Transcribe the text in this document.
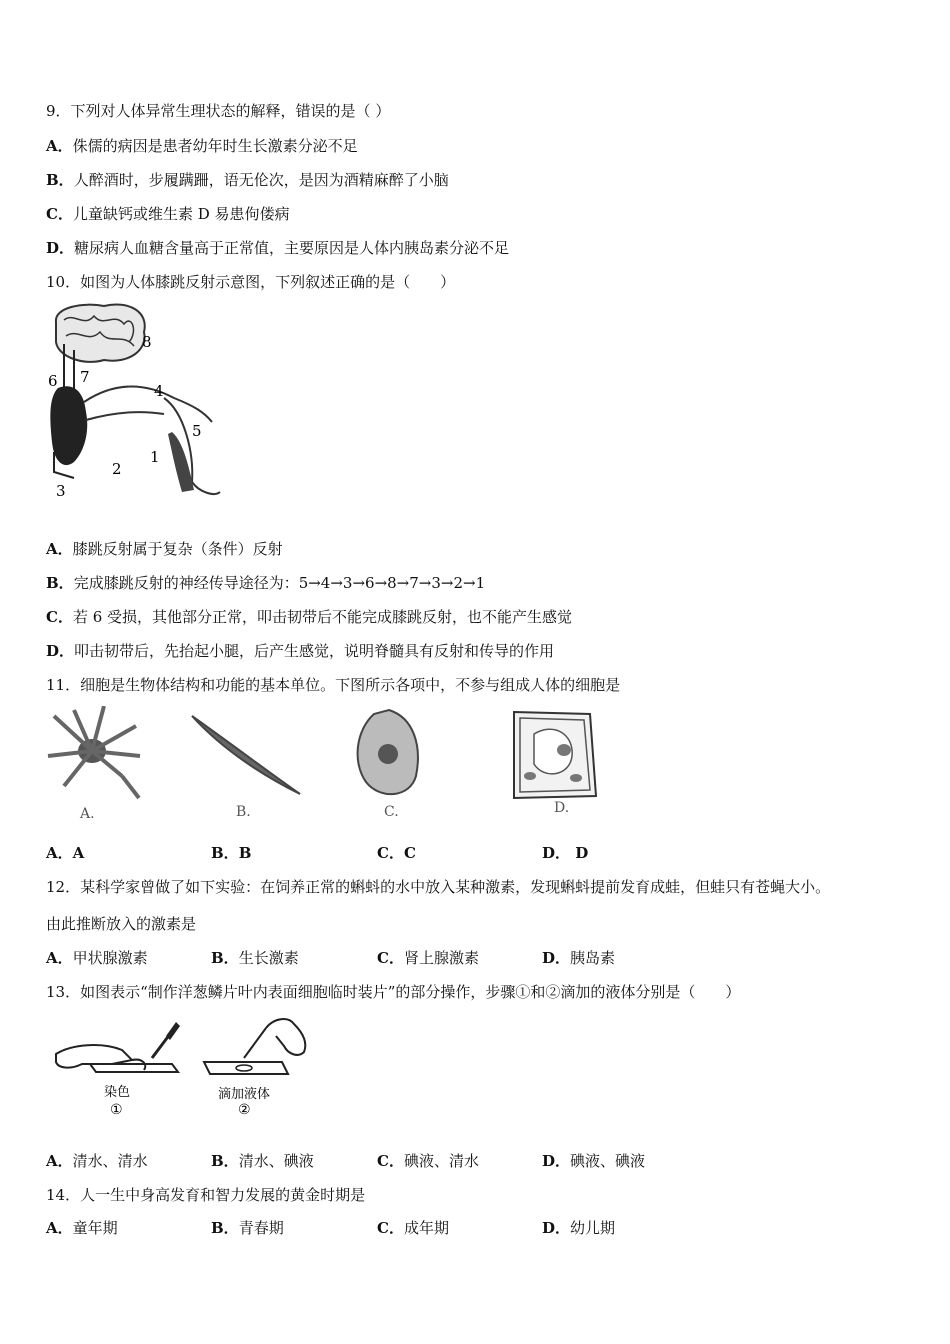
9．下列对人体异常生理状态的解释，错误的是（ ）
A．侏儒的病因是患者幼年时生长激素分泌不足
B．人醉酒时，步履蹒跚，语无伦次，是因为酒精麻醉了小脑
C．儿童缺钙或维生素 D 易患佝偻病
D．糖尿病人血糖含量高于正常值，主要原因是人体内胰岛素分泌不足
10．如图为人体膝跳反射示意图，下列叙述正确的是（　　）
8
6 7
4
5
1
2
3
A．膝跳反射属于复杂（条件）反射
B．完成膝跳反射的神经传导途径为：5→4→3→6→8→7→3→2→1
C．若 6 受损，其他部分正常，叩击韧带后不能完成膝跳反射，也不能产生感觉
D．叩击韧带后，先抬起小腿，后产生感觉，说明脊髓具有反射和传导的作用
11．细胞是生物体结构和功能的基本单位。下图所示各项中，不参与组成人体的细胞是
A.	B.	C.	D.
A．A	B．B	C．C	D． D
12．某科学家曾做了如下实验：在饲养正常的蝌蚪的水中放入某种激素，发现蝌蚪提前发育成蛙，但蛙只有苍蝇大小。
由此推断放入的激素是
A．甲状腺激素	B．生长激素	C．肾上腺激素	D．胰岛素
13．如图表示“制作洋葱鳞片叶内表面细胞临时装片”的部分操作，步骤①和②滴加的液体分别是（　　）
染色
①
滴加液体
②
A．清水、清水	B．清水、碘液	C．碘液、清水	D．碘液、碘液
14．人一生中身高发育和智力发展的黄金时期是
A．童年期	B．青春期	C．成年期	D．幼儿期
